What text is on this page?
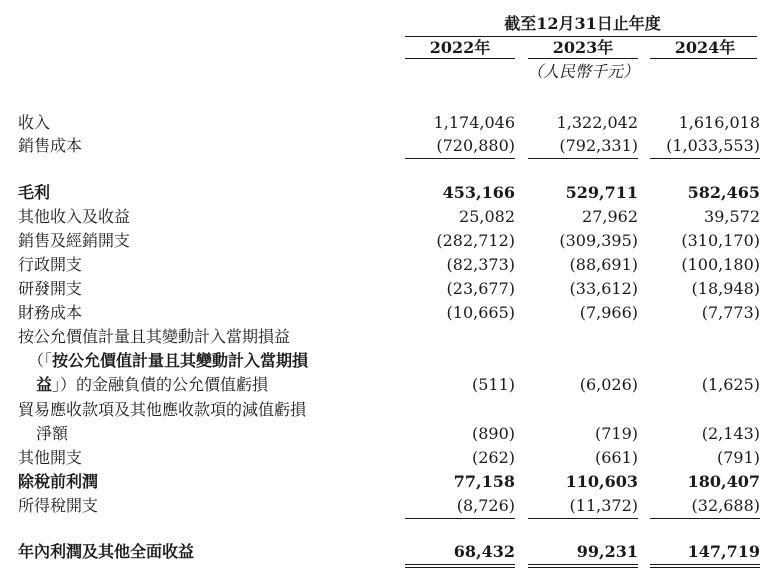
截至12月31日止年度
2022年	2023年	2024年
（人民幣千元）
收入	1,174,046	1,322,042	1,616,018
銷售成本	(720,880)	(792,331)	(1,033,553)
毛利	453,166	529,711	582,465
其他收入及收益	25,082	27,962	39,572
銷售及經銷開支	(282,712)	(309,395)	(310,170)
行政開支	(82,373)	(88,691)	(100,180)
研發開支	(23,677)	(33,612)	(18,948)
財務成本	(10,665)	(7,966)	(7,773)
按公允價值計量且其變動計入當期損益
（「按公允價值計量且其變動計入當期損
益」）的金融負債的公允價值虧損	(511)	(6,026)	(1,625)
貿易應收款項及其他應收款項的減值虧損
淨額	(890)	(719)	(2,143)
其他開支	(262)	(661)	(791)
除稅前利潤	77,158	110,603	180,407
所得稅開支	(8,726)	(11,372)	(32,688)
年內利潤及其他全面收益	68,432	99,231	147,719
